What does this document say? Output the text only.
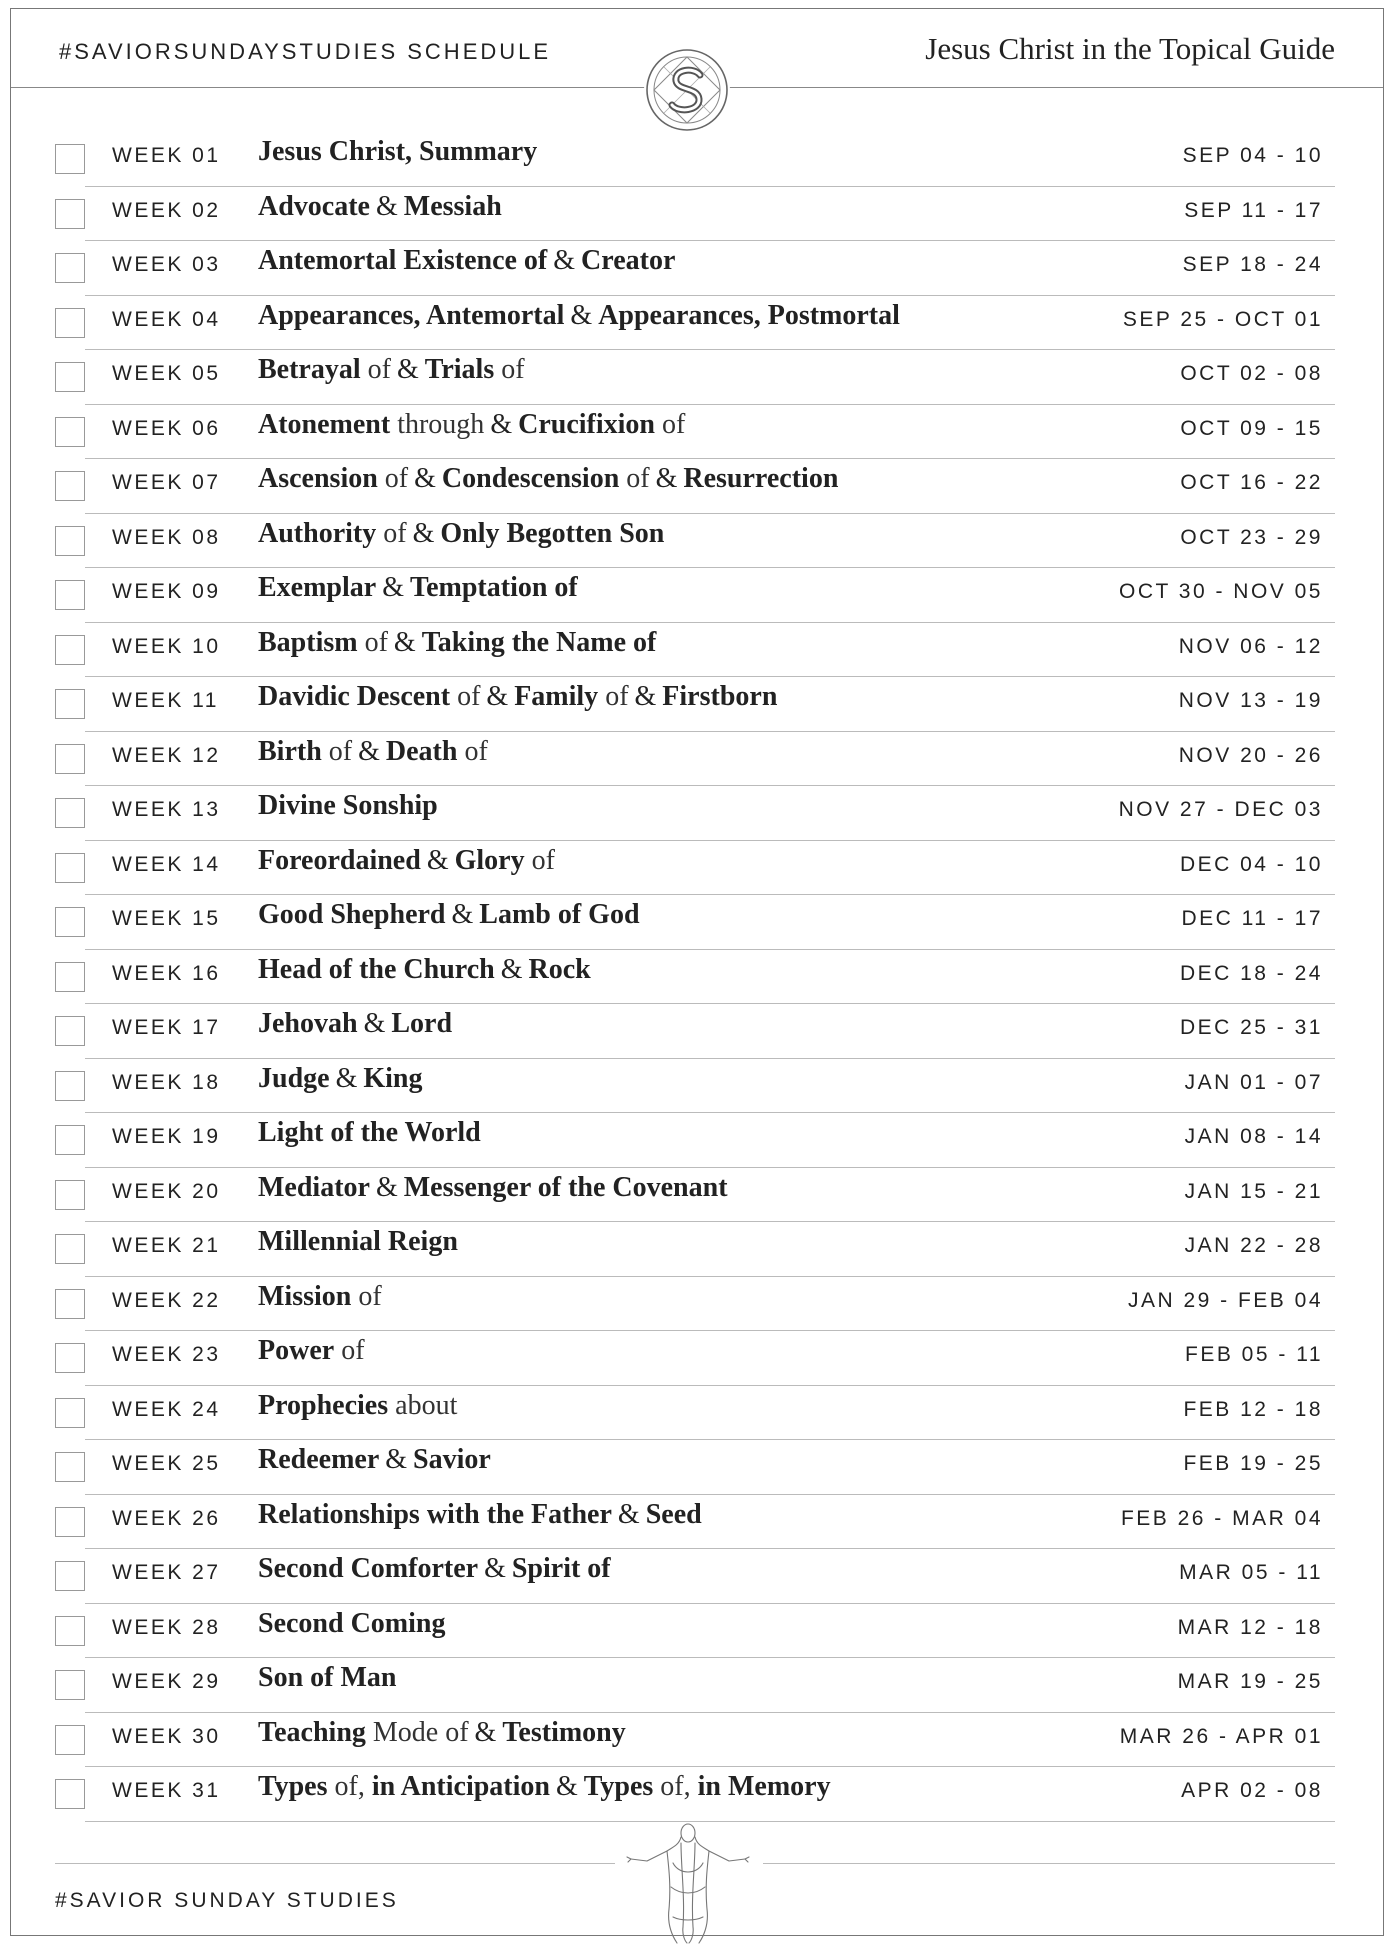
#SAVIORSUNDAYSTUDIES SCHEDULE	Jesus Christ in the Topical Guide
WEEK 01 Jesus Christ, Summary	SEP 04 - 10
WEEK 02 Advocate & Messiah	SEP 11 - 17
WEEK 03 Antemortal Existence of & Creator	SEP 18 - 24
WEEK 04 Appearances, Antemortal & Appearances, Postmortal	SEP 25 - OCT 01
WEEK 05 Betrayal of & Trials of	OCT 02 - 08
WEEK 06 Atonement through & Crucifixion of	OCT 09 - 15
WEEK 07 Ascension of & Condescension of & Resurrection	OCT 16 - 22
WEEK 08 Authority of & Only Begotten Son	OCT 23 - 29
WEEK 09 Exemplar & Temptation of	OCT 30 - NOV 05
WEEK 10 Baptism of & Taking the Name of	NOV 06 - 12
WEEK 11 Davidic Descent of & Family of & Firstborn	NOV 13 - 19
WEEK 12 Birth of & Death of	NOV 20 - 26
WEEK 13 Divine Sonship	NOV 27 - DEC 03
WEEK 14 Foreordained & Glory of	DEC 04 - 10
WEEK 15 Good Shepherd & Lamb of God	DEC 11 - 17
WEEK 16 Head of the Church & Rock	DEC 18 - 24
WEEK 17 Jehovah & Lord	DEC 25 - 31
WEEK 18 Judge & King	JAN 01 - 07
WEEK 19 Light of the World	JAN 08 - 14
WEEK 20 Mediator & Messenger of the Covenant	JAN 15 - 21
WEEK 21 Millennial Reign	JAN 22 - 28
WEEK 22 Mission of	JAN 29 - FEB 04
WEEK 23 Power of	FEB 05 - 11
WEEK 24 Prophecies about	FEB 12 - 18
WEEK 25 Redeemer & Savior	FEB 19 - 25
WEEK 26 Relationships with the Father & Seed	FEB 26 - MAR 04
WEEK 27 Second Comforter & Spirit of	MAR 05 - 11
WEEK 28 Second Coming	MAR 12 - 18
WEEK 29 Son of Man	MAR 19 - 25
WEEK 30 Teaching Mode of & Testimony	MAR 26 - APR 01
WEEK 31 Types of, in Anticipation & Types of, in Memory	APR 02 - 08
#SAVIOR SUNDAY STUDIES
